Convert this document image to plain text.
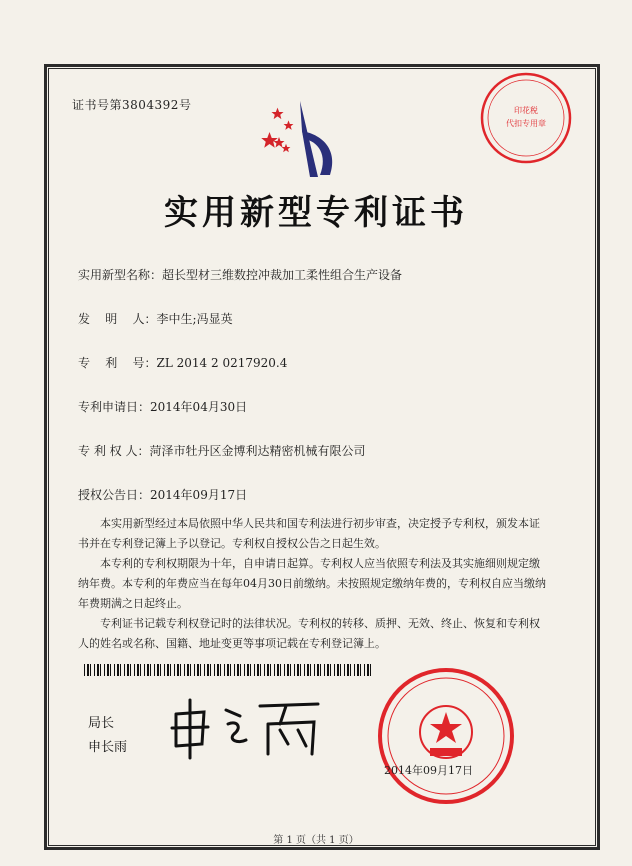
证书号第3804392号	印花税
代扣专用章
实用新型专利证书
实用新型名称：超长型材三维数控冲裁加工柔性组合生产设备
发    明    人：李中生;冯显英
专    利    号：ZL 2014 2 0217920.4
专利申请日：2014年04月30日
专 利 权 人：菏泽市牡丹区金博利达精密机械有限公司
授权公告日：2014年09月17日

本实用新型经过本局依照中华人民共和国专利法进行初步审查，决定授予专利权，颁发本证书并在专利登记簿上予以登记。专利权自授权公告之日起生效。

本专利的专利权期限为十年，自申请日起算。专利权人应当依照专利法及其实施细则规定缴纳年费。本专利的年费应当在每年04月30日前缴纳。未按照规定缴纳年费的，专利权自应当缴纳年费期满之日起终止。

专利证书记载专利权登记时的法律状况。专利权的转移、质押、无效、终止、恢复和专利权人的姓名或名称、国籍、地址变更等事项记载在专利登记簿上。

局长
申长雨
2014年09月17日
第 1 页（共 1 页）
